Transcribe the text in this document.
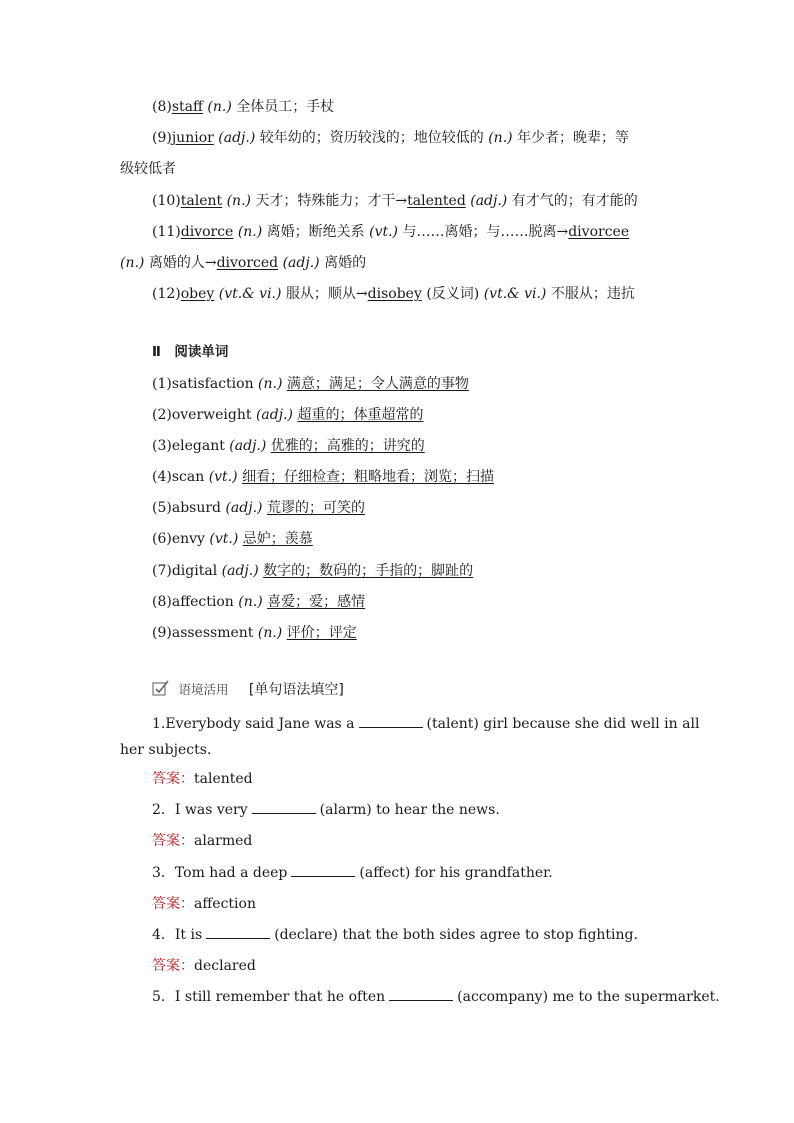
(8)staff (n.) 全体员工；手杖
(9)junior (adj.) 较年幼的；资历较浅的；地位较低的 (n.) 年少者；晚辈；等
级较低者
(10)talent (n.) 天才；特殊能力；才干→talented (adj.) 有才气的；有才能的
(11)divorce (n.) 离婚；断绝关系 (vt.) 与……离婚；与……脱离→divorcee
(n.) 离婚的人→divorced (adj.) 离婚的
(12)obey (vt.& vi.) 服从；顺从→disobey (反义词) (vt.& vi.) 不服从；违抗
Ⅱ　阅读单词
(1)satisfaction (n.) 满意；满足；令人满意的事物
(2)overweight (adj.) 超重的；体重超常的
(3)elegant (adj.) 优雅的；高雅的；讲究的
(4)scan (vt.) 细看；仔细检查；粗略地看；浏览；扫描
(5)absurd (adj.) 荒谬的；可笑的
(6)envy (vt.) 忌妒；羡慕
(7)digital (adj.) 数字的；数码的；手指的；脚趾的
(8)affection (n.) 喜爱；爱；感情
(9)assessment (n.) 评价；评定
语境活用 [单句语法填空]
1.Everybody said Jane was a	(talent) girl because she did well in all
her subjects.
答案：talented
2．I was very	(alarm) to hear the news.
答案：alarmed
3．Tom had a deep	(affect) for his grandfather.
答案：affection
4．It is	(declare) that the both sides agree to stop fighting.
答案：declared
5．I still remember that he often	(accompany) me to the supermarket.
